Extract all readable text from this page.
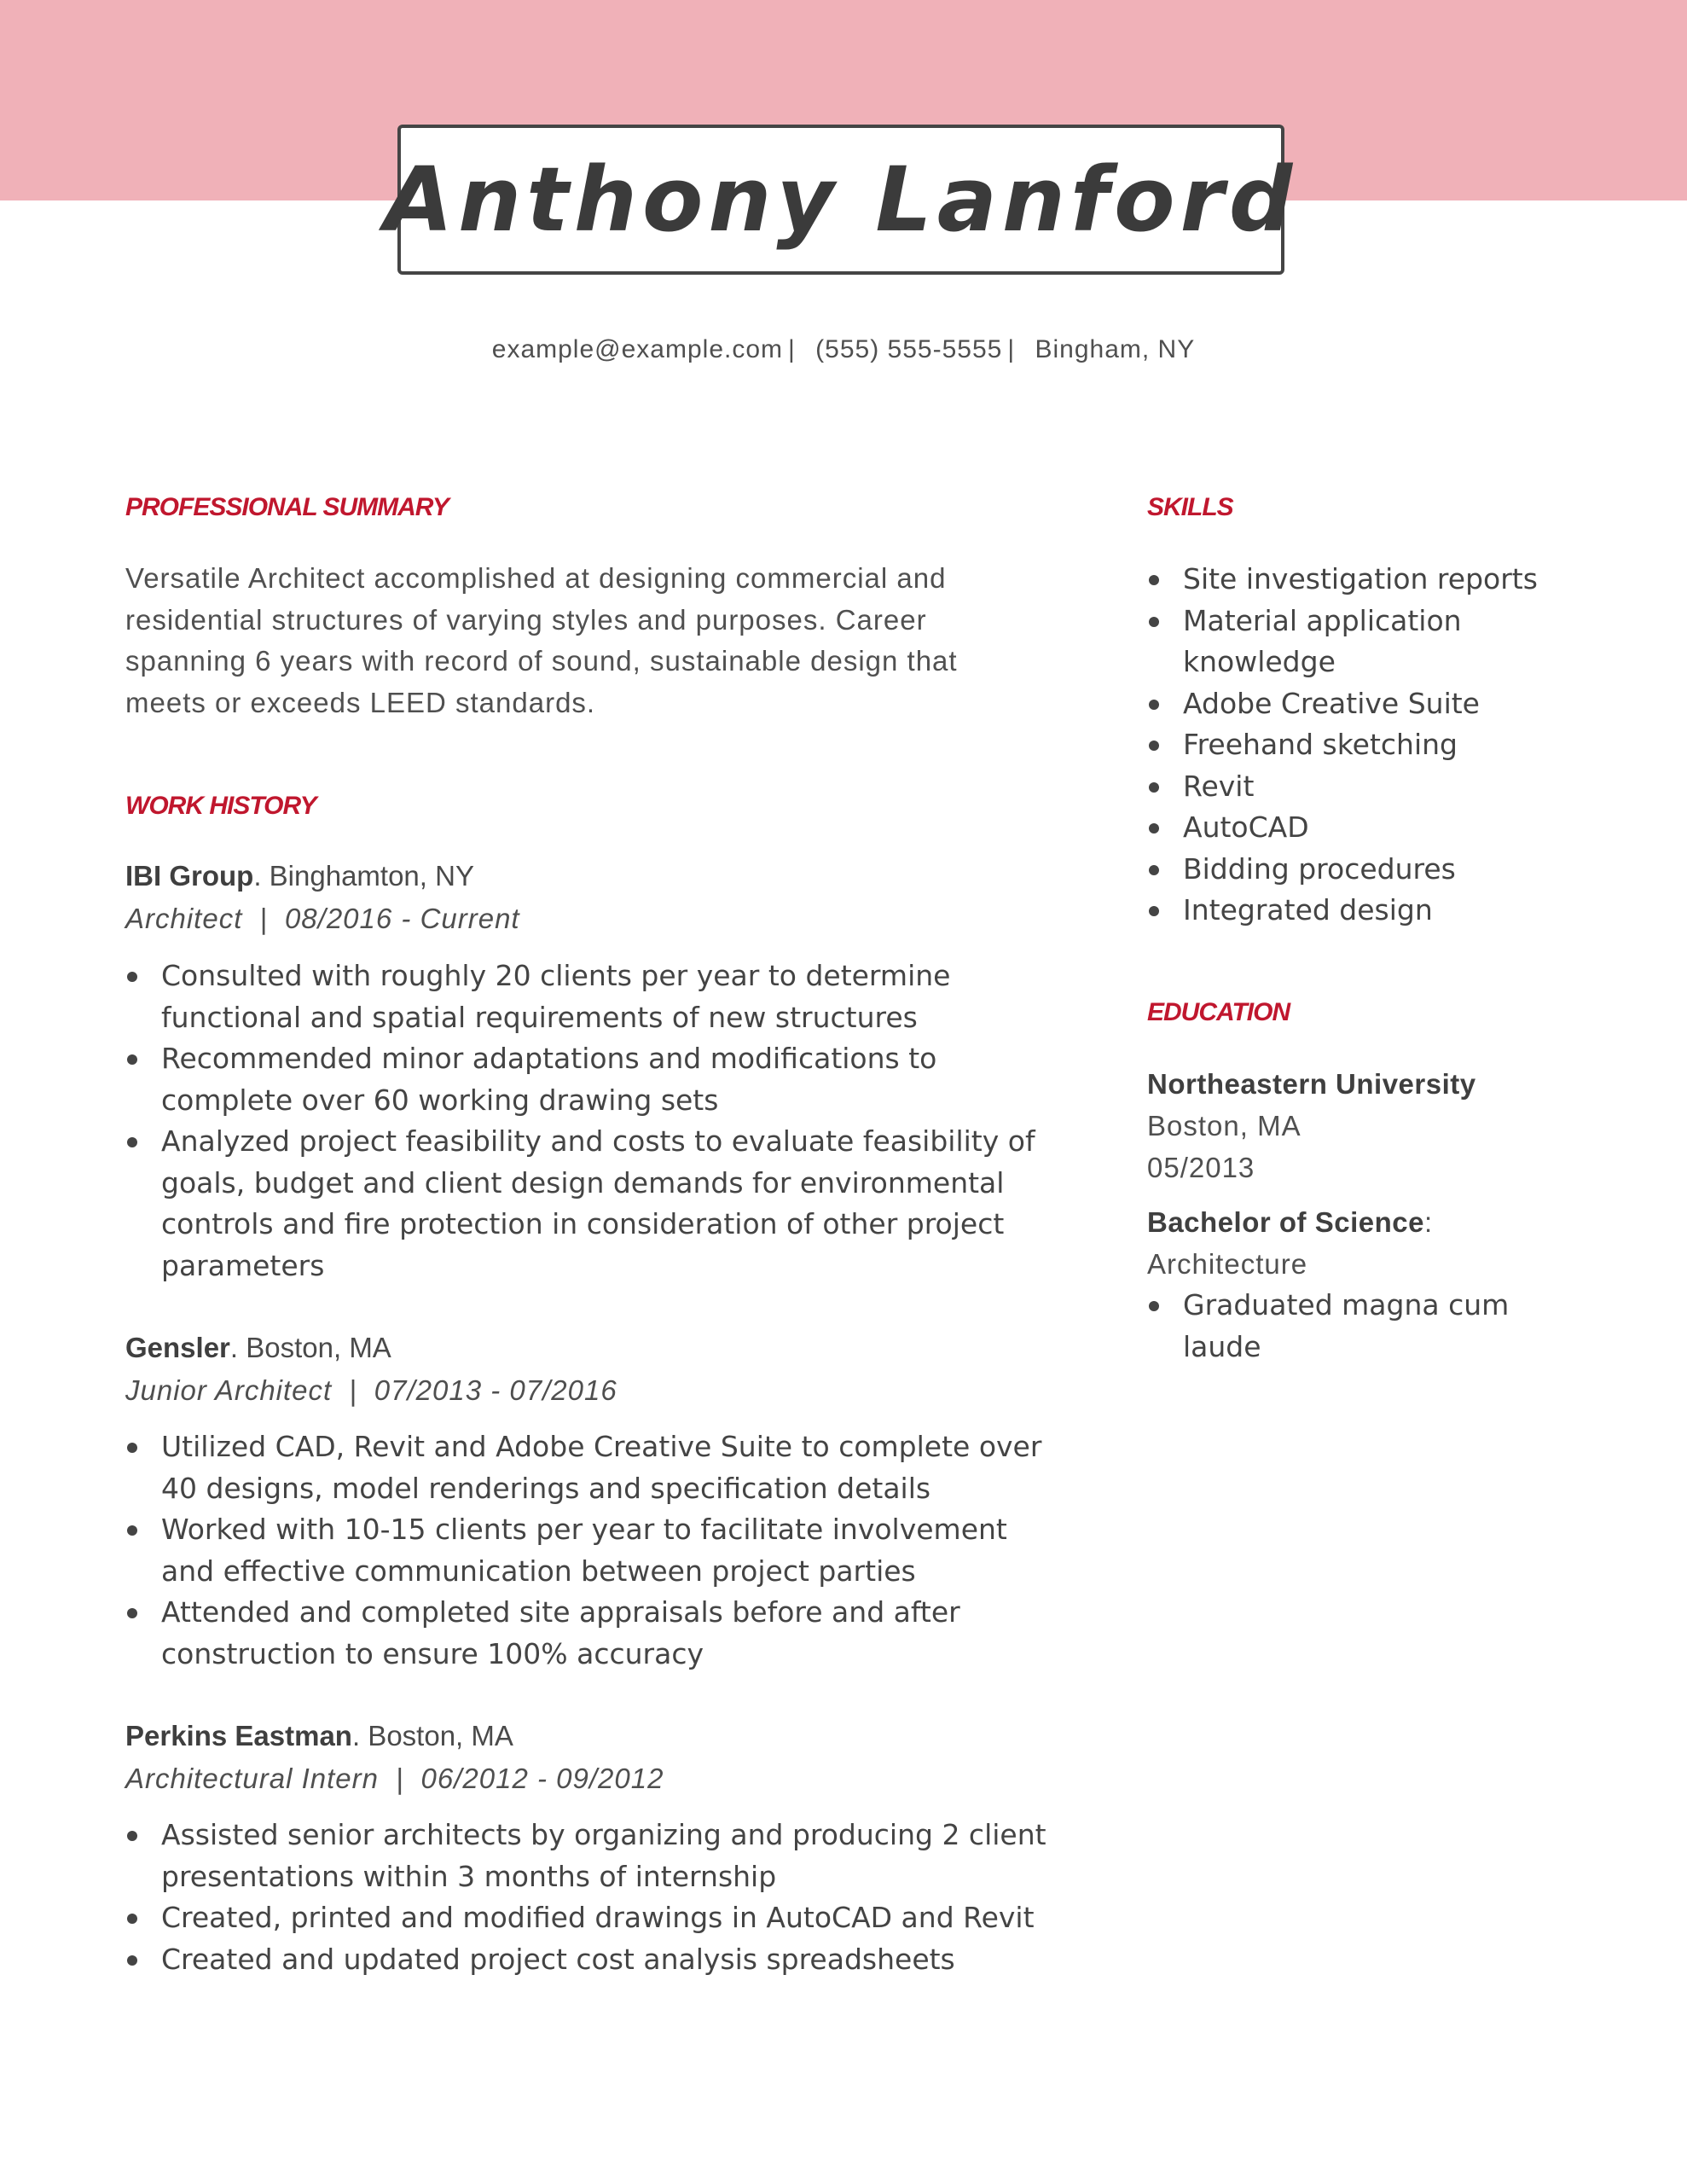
Anthony Lanford
example@example.com | (555) 555-5555 | Bingham, NY
PROFESSIONAL SUMMARY

Versatile Architect accomplished at designing commercial and residential structures of varying styles and purposes. Career spanning 6 years with record of sound, sustainable design that meets or exceeds LEED standards.

WORK HISTORY

IBI Group. Binghamton, NY

Architect | 08/2016 - Current

Consulted with roughly 20 clients per year to determine functional and spatial requirements of new structures
Recommended minor adaptations and modifications to complete over 60 working drawing sets
Analyzed project feasibility and costs to evaluate feasibility of goals, budget and client design demands for environmental controls and fire protection in consideration of other project parameters

Gensler. Boston, MA

Junior Architect | 07/2013 - 07/2016

Utilized CAD, Revit and Adobe Creative Suite to complete over 40 designs, model renderings and specification details
Worked with 10-15 clients per year to facilitate involvement and effective communication between project parties
Attended and completed site appraisals before and after construction to ensure 100% accuracy

Perkins Eastman. Boston, MA

Architectural Intern | 06/2012 - 09/2012

Assisted senior architects by organizing and producing 2 client presentations within 3 months of internship
Created, printed and modified drawings in AutoCAD and Revit
Created and updated project cost analysis spreadsheets
SKILLS
Site investigation reports
Material application knowledge
Adobe Creative Suite
Freehand sketching
Revit
AutoCAD
Bidding procedures
Integrated design
EDUCATION

Northeastern University

Boston, MA

05/2013

Bachelor of Science:

Architecture

Graduated magna cum laude
